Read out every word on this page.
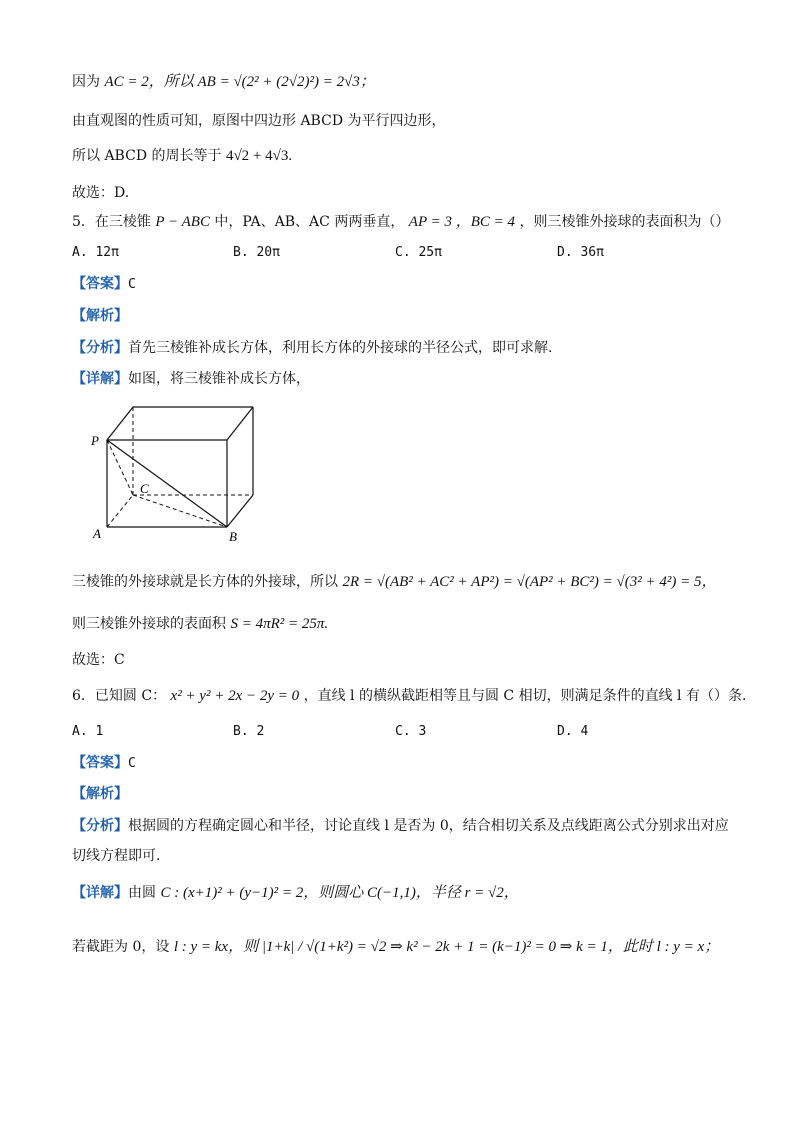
因为 AC = 2，所以 AB = √(2² + (2√2)²) = 2√3；
由直观图的性质可知，原图中四边形 ABCD 为平行四边形，
所以 ABCD 的周长等于 4√2 + 4√3.
故选：D.
5．在三棱锥 P − ABC 中，PA、AB、AC 两两垂直， AP = 3 ，BC = 4 ，则三棱锥外接球的表面积为（）
A. 12π	B. 20π	C. 25π	D. 36π
【答案】C
【解析】
【分析】首先三棱锥补成长方体，利用长方体的外接球的半径公式，即可求解.
【详解】如图，将三棱锥补成长方体，
P
C
A	B
三棱锥的外接球就是长方体的外接球，所以 2R = √(AB² + AC² + AP²) = √(AP² + BC²) = √(3² + 4²) = 5，
则三棱锥外接球的表面积 S = 4πR² = 25π.
故选：C
6．已知圆 C： x² + y² + 2x − 2y = 0 ，直线 l 的横纵截距相等且与圆 C 相切，则满足条件的直线 l 有（）条.
A. 1	B. 2	C. 3	D. 4
【答案】C
【解析】
【分析】根据圆的方程确定圆心和半径，讨论直线 l 是否为 0，结合相切关系及点线距离公式分别求出对应
切线方程即可.
【详解】由圆 C : (x+1)² + (y−1)² = 2，则圆心 C(−1,1)，半径 r = √2，
若截距为 0，设 l : y = kx，则 |1+k| / √(1+k²) = √2 ⇒ k² − 2k + 1 = (k−1)² = 0 ⇒ k = 1，此时 l : y = x；
